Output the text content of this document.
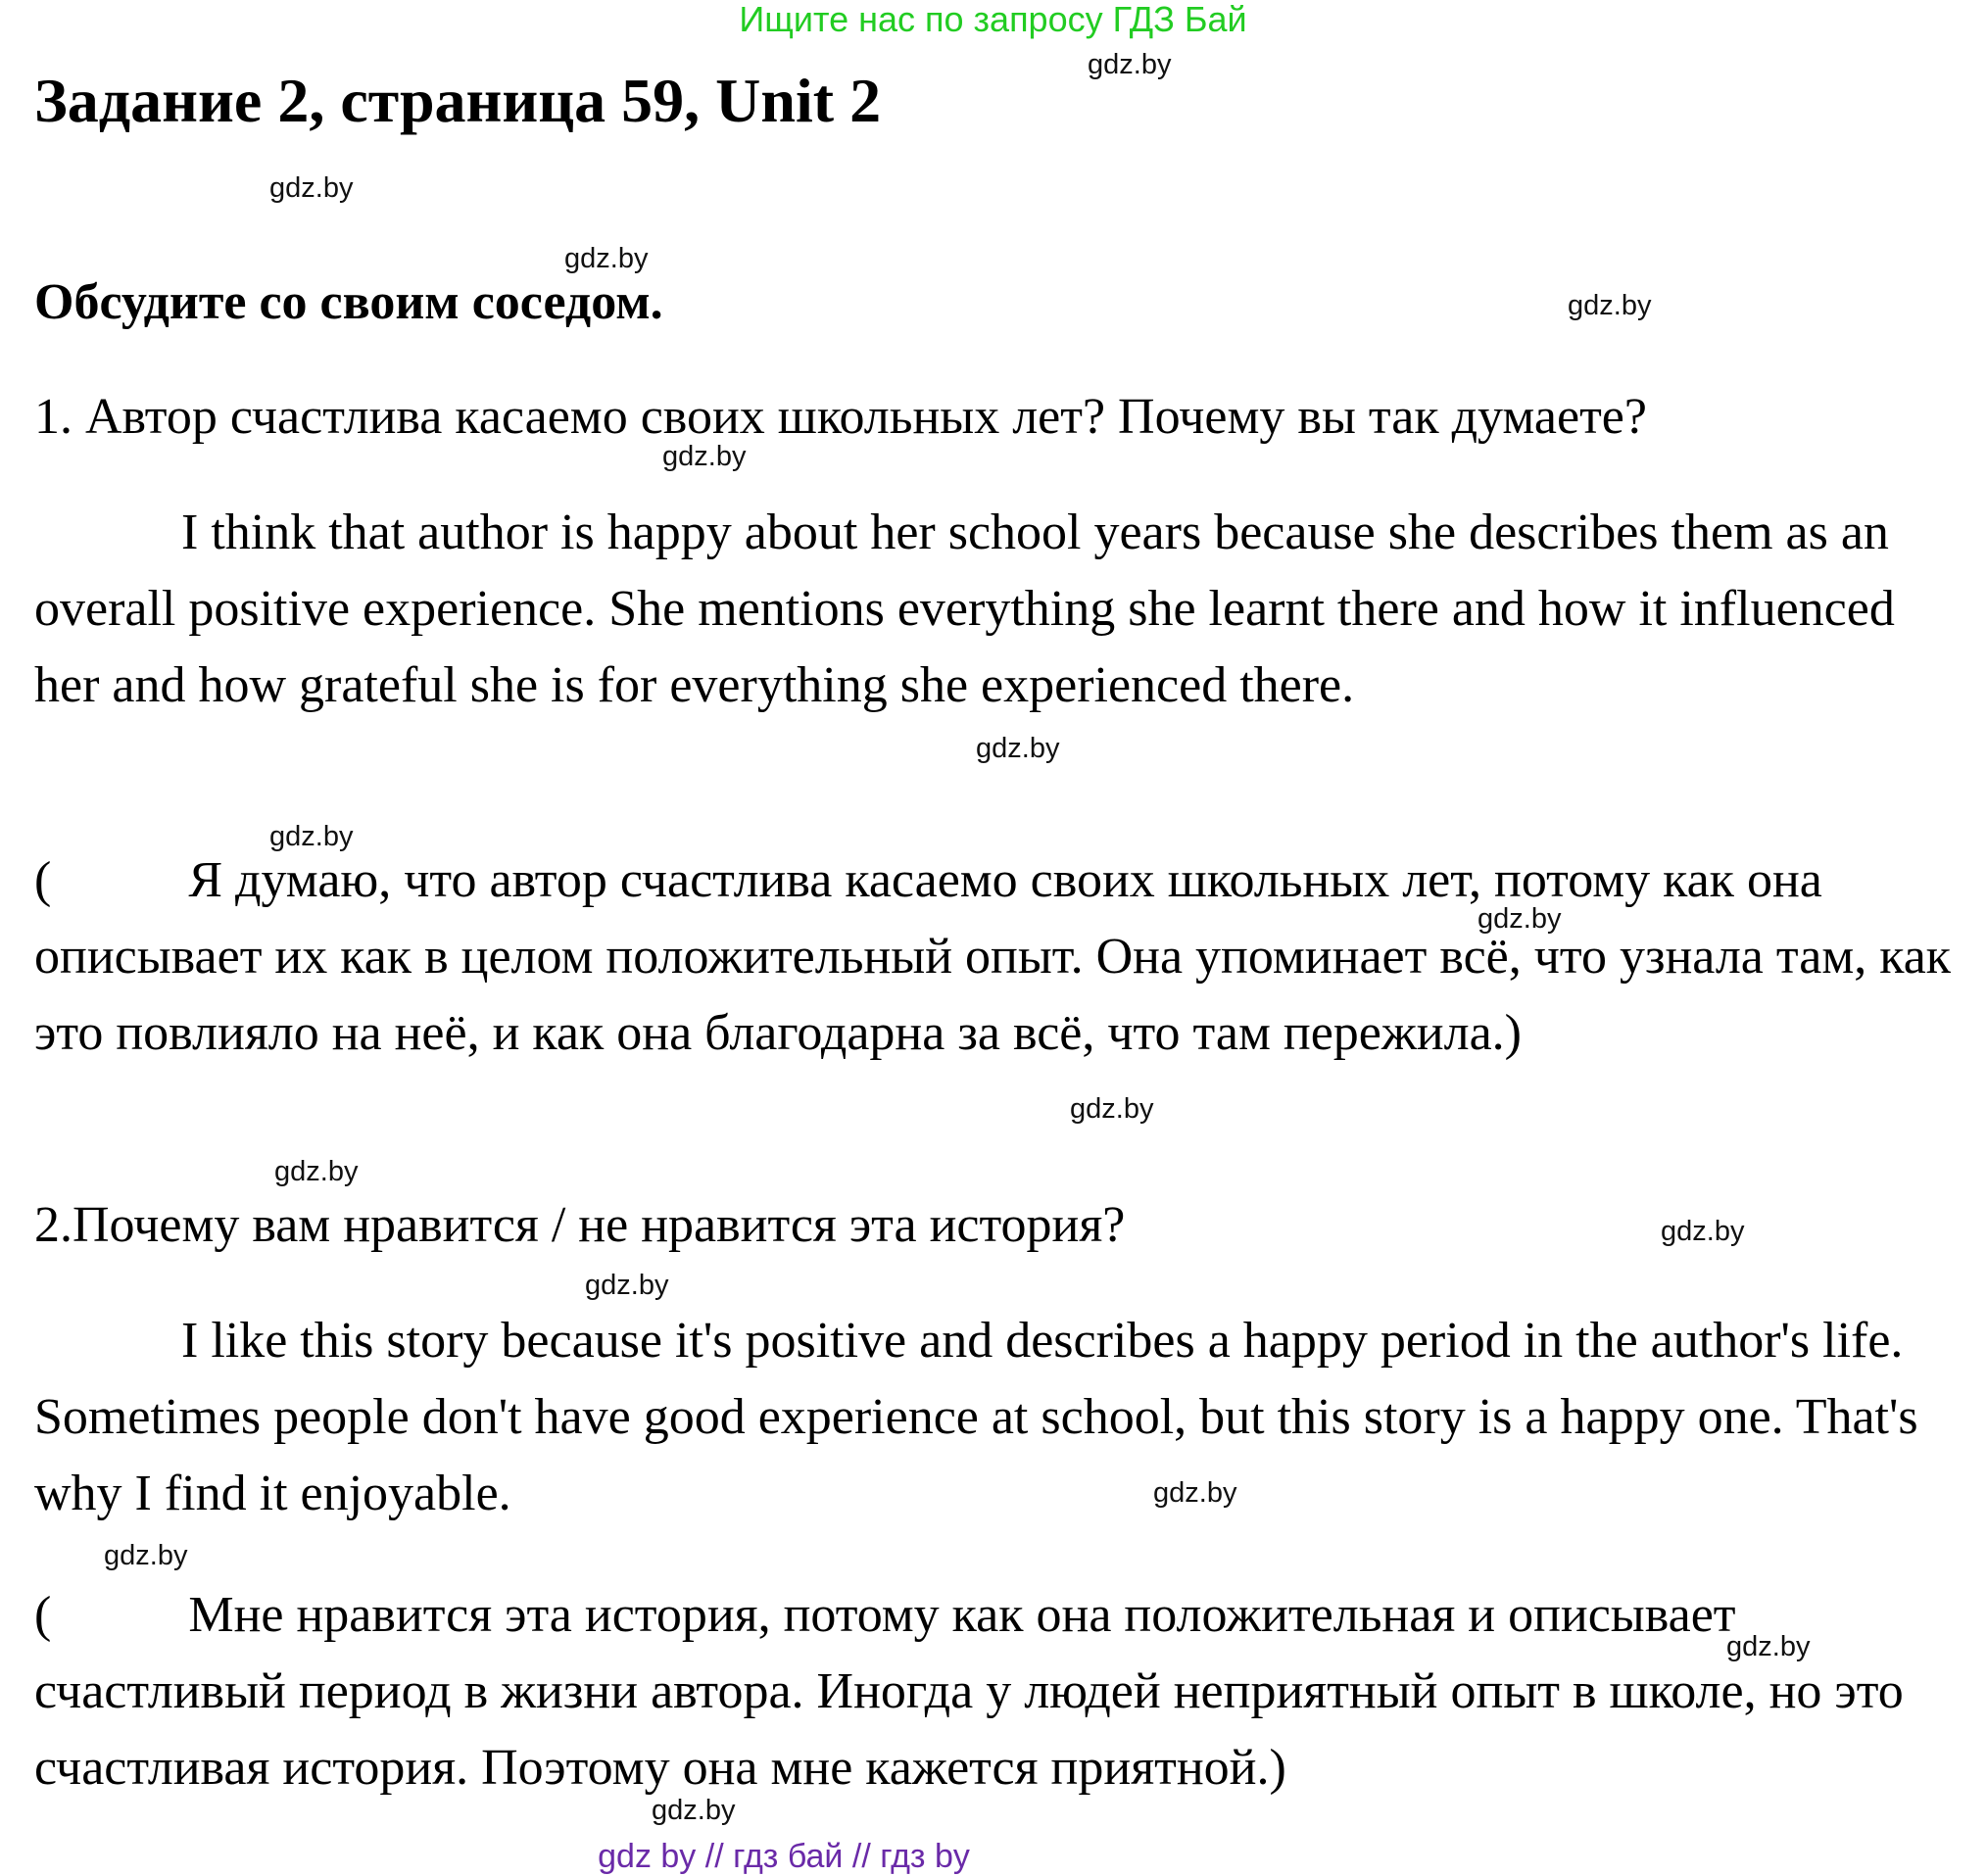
Ищите нас по запросу ГДЗ Бай
Задание 2, страница 59, Unit 2
Обсудите со своим соседом.
1. Автор счастлива касаемо своих школьных лет? Почему вы так думаете?

I think that author is happy about her school years because she describes them as an overall positive experience. She mentions everything she learnt there and how it influenced her and how grateful she is for everything she experienced there.

(	Я думаю, что автор счастлива касаемо своих школьных лет, потому как она описывает их как в целом положительный опыт. Она упоминает всё, что узнала там, как это повлияло на неё, и как она благодарна за всё, что там пережила.)

2.Почему вам нравится / не нравится эта история?

I like this story because it's positive and describes a happy period in the author's life. Sometimes people don't have good experience at school, but this story is a happy one. That's why I find it enjoyable.

(	Мне нравится эта история, потому как она положительная и описывает счастливый период в жизни автора. Иногда у людей неприятный опыт в школе, но это счастливая история. Поэтому она мне кажется приятной.)

gdz.by
gdz.by
gdz.by
gdz.by
gdz.by
gdz.by
gdz.by
gdz.by
gdz.by
gdz.by
gdz.by
gdz.by
gdz.by
gdz.by
gdz.by
gdz.by
gdz by // гдз бай // гдз by
